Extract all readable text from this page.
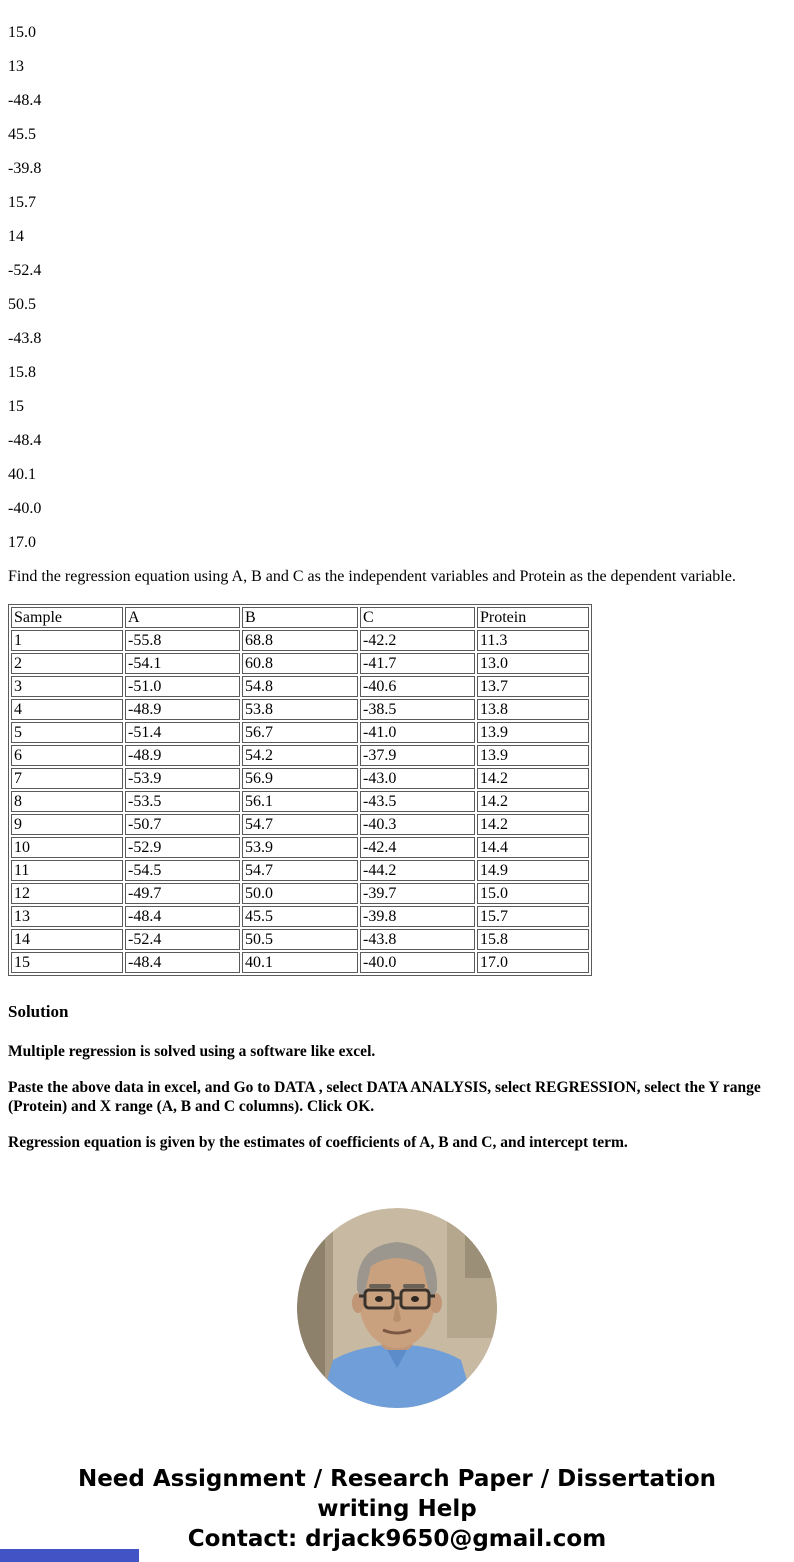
15.0

13

-48.4

45.5

-39.8

15.7

14

-52.4

50.5

-43.8

15.8

15

-48.4

40.1

-40.0

17.0

Find the regression equation using A, B and C as the independent variables and Protein as the dependent variable.

Sample	A	B	C	Protein
1	-55.8	68.8	-42.2	11.3
2	-54.1	60.8	-41.7	13.0
3	-51.0	54.8	-40.6	13.7
4	-48.9	53.8	-38.5	13.8
5	-51.4	56.7	-41.0	13.9
6	-48.9	54.2	-37.9	13.9
7	-53.9	56.9	-43.0	14.2
8	-53.5	56.1	-43.5	14.2
9	-50.7	54.7	-40.3	14.2
10	-52.9	53.9	-42.4	14.4
11	-54.5	54.7	-44.2	14.9
12	-49.7	50.0	-39.7	15.0
13	-48.4	45.5	-39.8	15.7
14	-52.4	50.5	-43.8	15.8
15	-48.4	40.1	-40.0	17.0
Solution

Multiple regression is solved using a software like excel.

Paste the above data in excel, and Go to DATA , select DATA ANALYSIS, select REGRESSION, select the Y range (Protein) and X range (A, B and C columns). Click OK.

Regression equation is given by the estimates of coefficients of A, B and C, and intercept term.

Need Assignment / Research Paper / Dissertation writing Help

Contact: drjack9650@gmail.com
